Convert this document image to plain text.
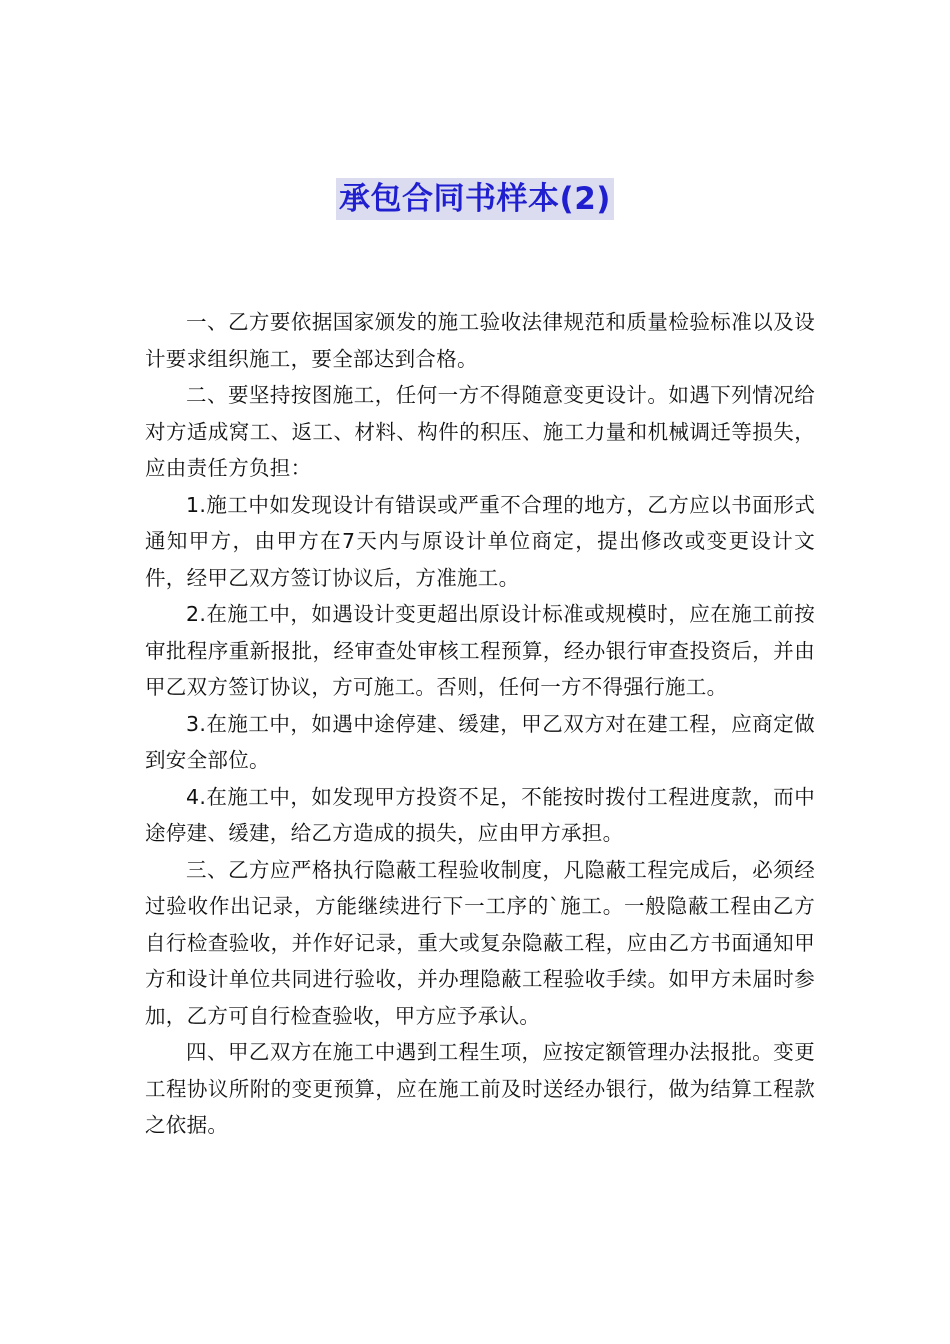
承包合同书样本(2)

一、乙方要依据国家颁发的施工验收法律规范和质量检验标准以及设计要求组织施工，要全部达到合格。

二、要坚持按图施工，任何一方不得随意变更设计。如遇下列情况给对方适成窝工、返工、材料、构件的积压、施工力量和机械调迁等损失，应由责任方负担：

1.施工中如发现设计有错误或严重不合理的地方，乙方应以书面形式通知甲方，由甲方在7天内与原设计单位商定，提出修改或变更设计文件，经甲乙双方签订协议后，方准施工。

2.在施工中，如遇设计变更超出原设计标准或规模时，应在施工前按审批程序重新报批，经审查处审核工程预算，经办银行审查投资后，并由甲乙双方签订协议，方可施工。否则，任何一方不得强行施工。

3.在施工中，如遇中途停建、缓建，甲乙双方对在建工程，应商定做到安全部位。

4.在施工中，如发现甲方投资不足，不能按时拨付工程进度款，而中途停建、缓建，给乙方造成的损失，应由甲方承担。

三、乙方应严格执行隐蔽工程验收制度，凡隐蔽工程完成后，必须经过验收作出记录，方能继续进行下一工序的`施工。一般隐蔽工程由乙方自行检查验收，并作好记录，重大或复杂隐蔽工程，应由乙方书面通知甲方和设计单位共同进行验收，并办理隐蔽工程验收手续。如甲方未届时参加，乙方可自行检查验收，甲方应予承认。

四、甲乙双方在施工中遇到工程生项，应按定额管理办法报批。变更工程协议所附的变更预算，应在施工前及时送经办银行，做为结算工程款之依据。
